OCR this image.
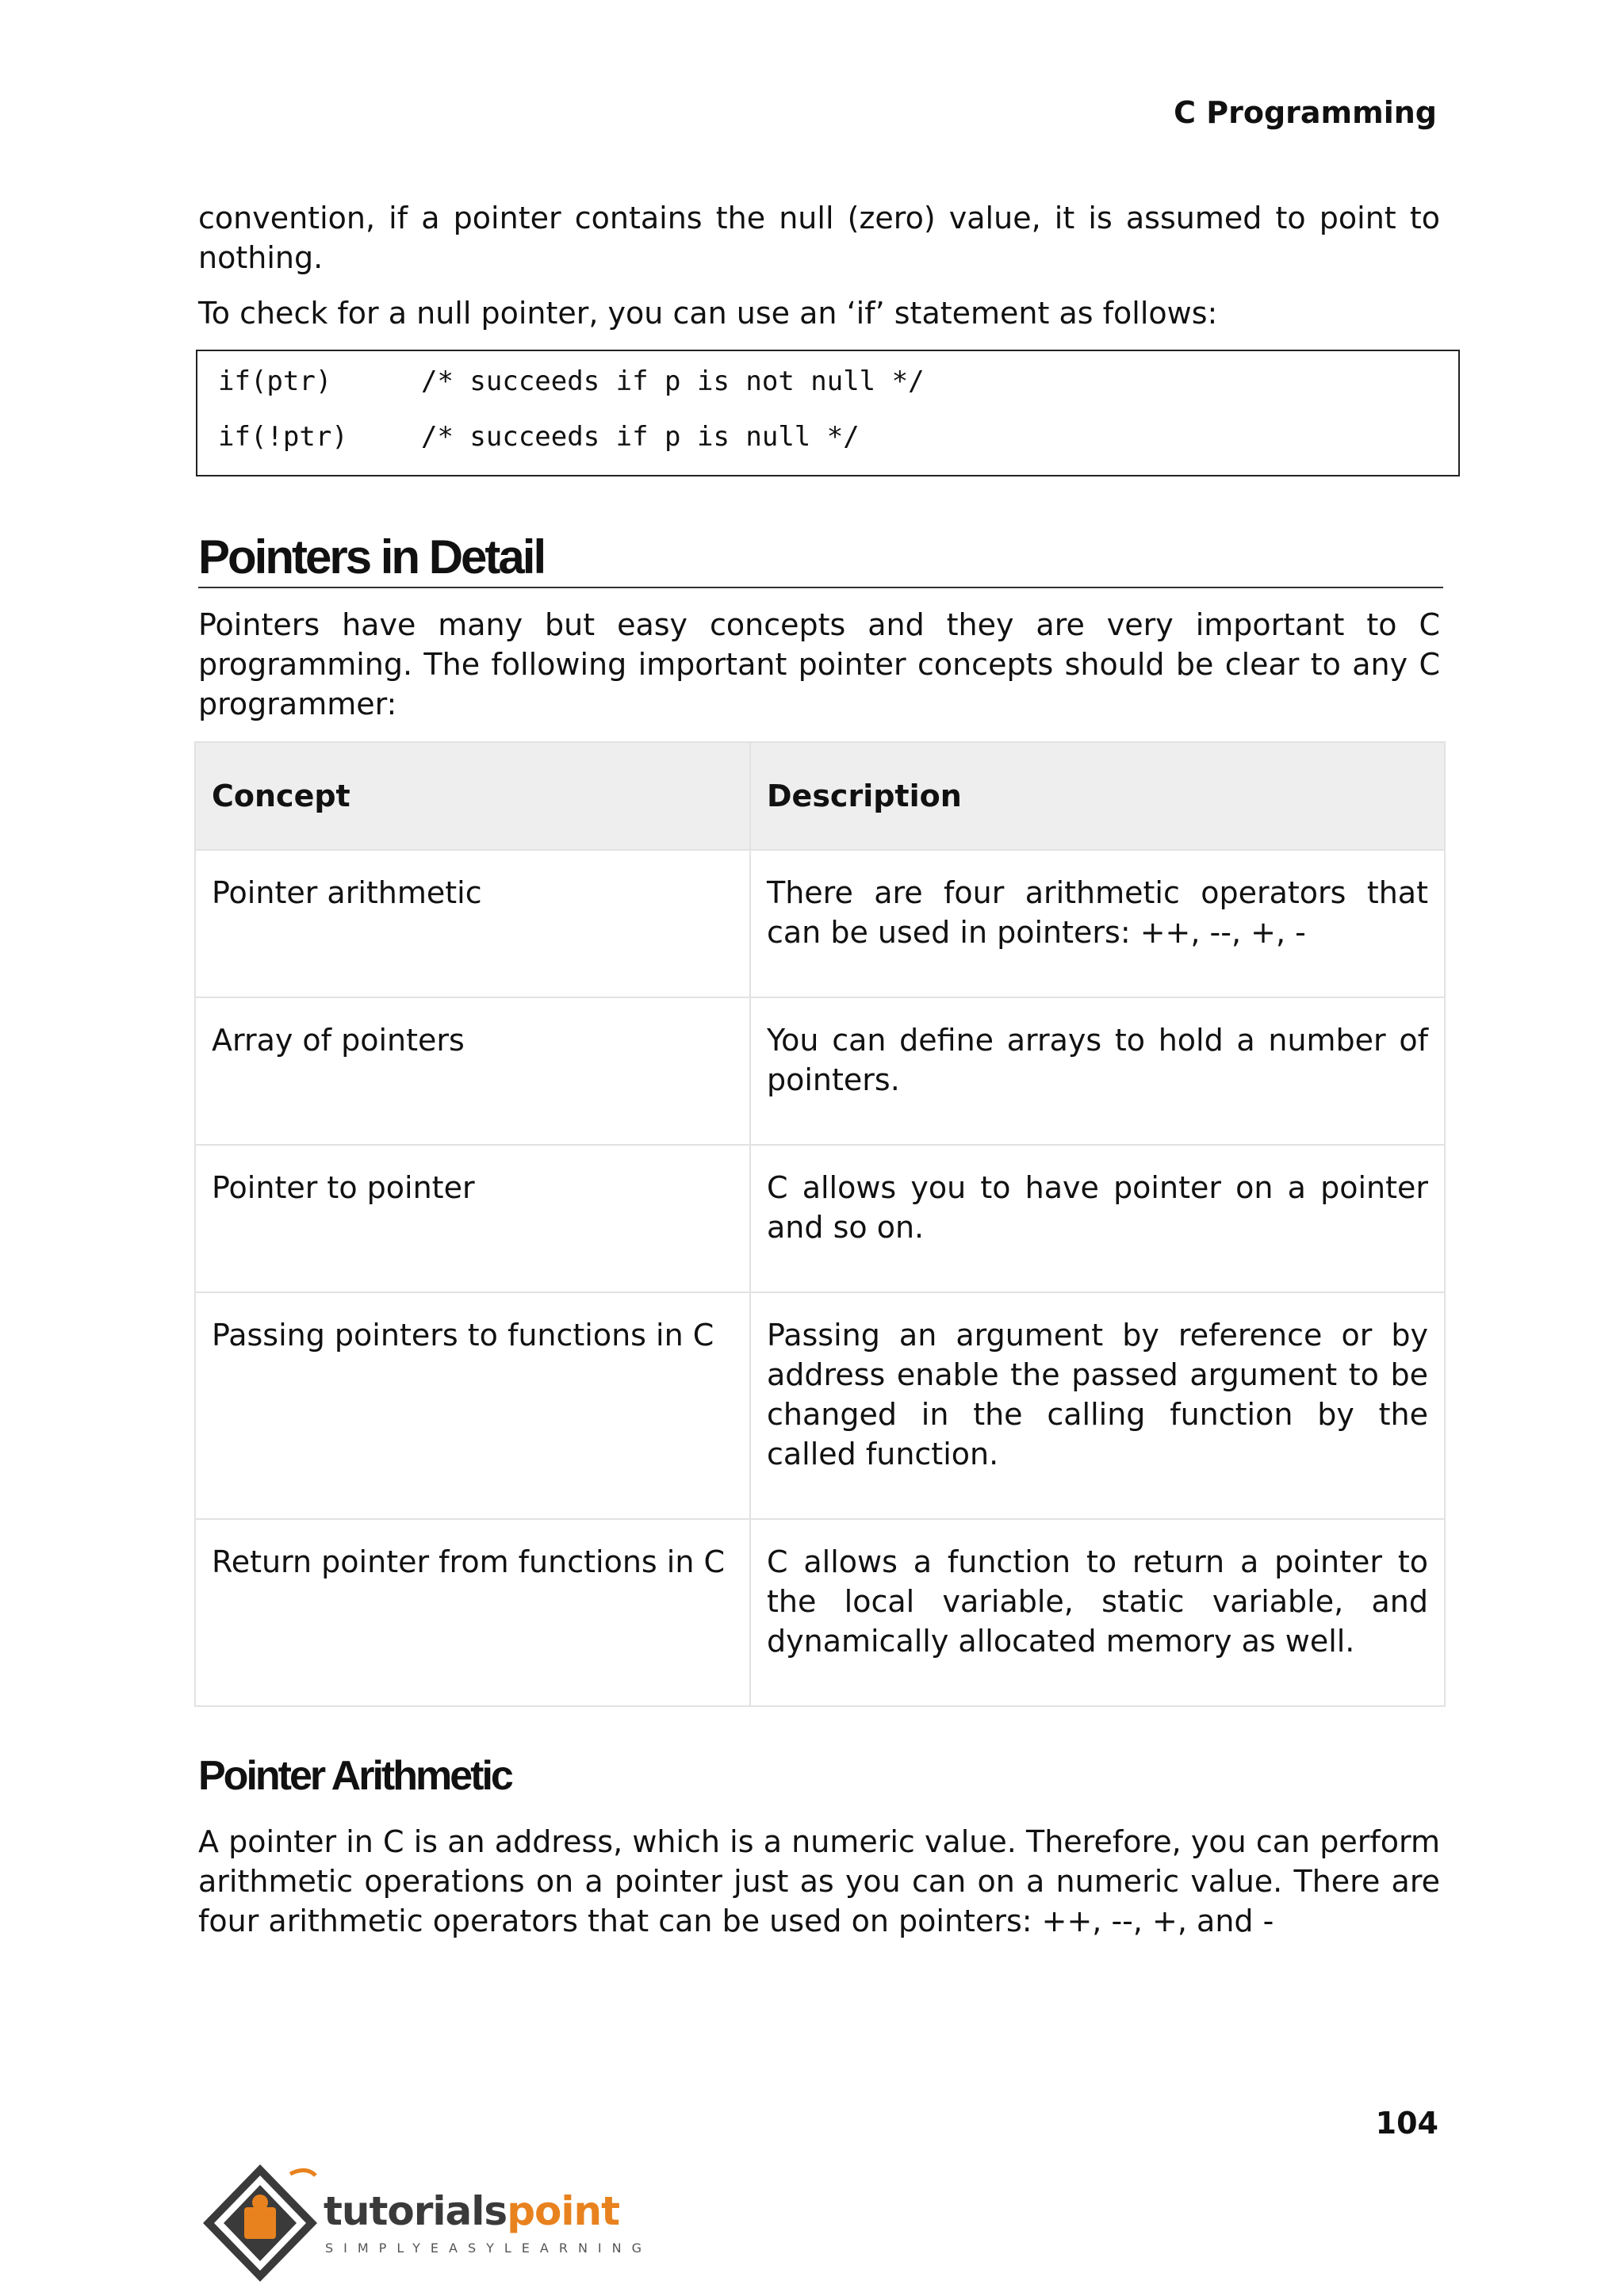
C Programming

convention, if a pointer contains the null (zero) value, it is assumed to point to nothing.

To check for a null pointer, you can use an ‘if’ statement as follows:

if(ptr)	/* succeeds if p is not null */
if(!ptr)	/* succeeds if p is null */
Pointers in Detail

Pointers have many but easy concepts and they are very important to C programming. The following important pointer concepts should be clear to any C programmer:

Concept	Description
Pointer arithmetic	There are four arithmetic operators that can be used in pointers: ++, --, +, -
Array of pointers	You can define arrays to hold a number of pointers.
Pointer to pointer	C allows you to have pointer on a pointer and so on.
Passing pointers to functions in C	Passing an argument by reference or by address enable the passed argument to be changed in the calling function by the called function.
Return pointer from functions in C	C allows a function to return a pointer to the local variable, static variable, and dynamically allocated memory as well.
Pointer Arithmetic

A pointer in C is an address, which is a numeric value. Therefore, you can perform arithmetic operations on a pointer just as you can on a numeric value. There are four arithmetic operators that can be used on pointers: ++, --, +, and -

104
tutorialspoint
SIMPLYEASYLEARNING
